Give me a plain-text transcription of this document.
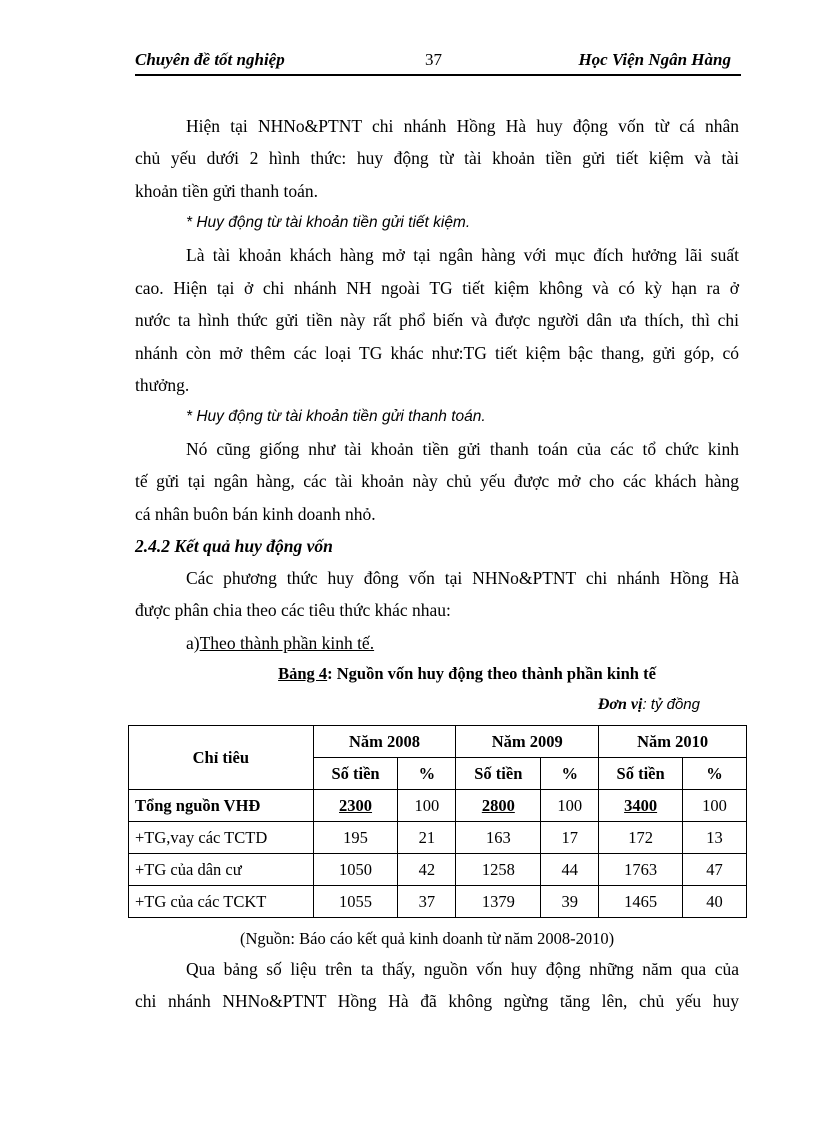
Chuyên đề tốt nghiệp	37	Học Viện Ngân Hàng
Hiện tại NHNo&PTNT chi nhánh Hồng Hà huy động vốn từ cá nhân
chủ yếu dưới 2 hình thức: huy động từ tài khoản tiền gửi tiết kiệm và tài
khoản tiền gửi thanh toán.
* Huy động từ tài khoản tiền gửi tiết kiệm.
Là tài khoản khách hàng mở tại ngân hàng với mục đích hưởng lãi suất
cao. Hiện tại ở chi nhánh NH ngoài TG tiết kiệm không và có kỳ hạn ra ở
nước ta hình thức gửi tiền này rất phổ biến và được người dân ưa thích, thì chi
nhánh còn mở thêm các loại TG khác như:TG tiết kiệm bậc thang, gửi góp, có
thưởng.
* Huy động từ tài khoản tiền gửi thanh toán.
Nó cũng giống như tài khoản tiền gửi thanh toán của các tổ chức kinh
tế gửi tại ngân hàng, các tài khoản này chủ yếu được mở cho các khách hàng
cá nhân buôn bán kinh doanh nhỏ.
2.4.2 Kết quả huy động vốn
Các phương thức huy đông vốn tại NHNo&PTNT chi nhánh Hồng Hà
được phân chia theo các tiêu thức khác nhau:
a)Theo thành phần kinh tế.
Bảng 4: Nguồn vốn huy động theo thành phần kinh tế
Đơn vị: tỷ đồng
Chỉ tiêu	Năm 2008		Năm 2009		Năm 2010	
	Số tiền	%	Số tiền	%	Số tiền	%
Tổng nguồn VHĐ	2300	100	2800	100	3400	100
+TG,vay các TCTD	195	21	163	17	172	13
+TG của dân cư	1050	42	1258	44	1763	47
+TG của các TCKT	1055	37	1379	39	1465	40
(Nguồn: Báo cáo kết quả kinh doanh từ năm 2008-2010)
Qua bảng số liệu trên ta thấy, nguồn vốn huy động những năm qua của
chi nhánh NHNo&PTNT Hồng Hà đã không ngừng tăng lên, chủ yếu huy
